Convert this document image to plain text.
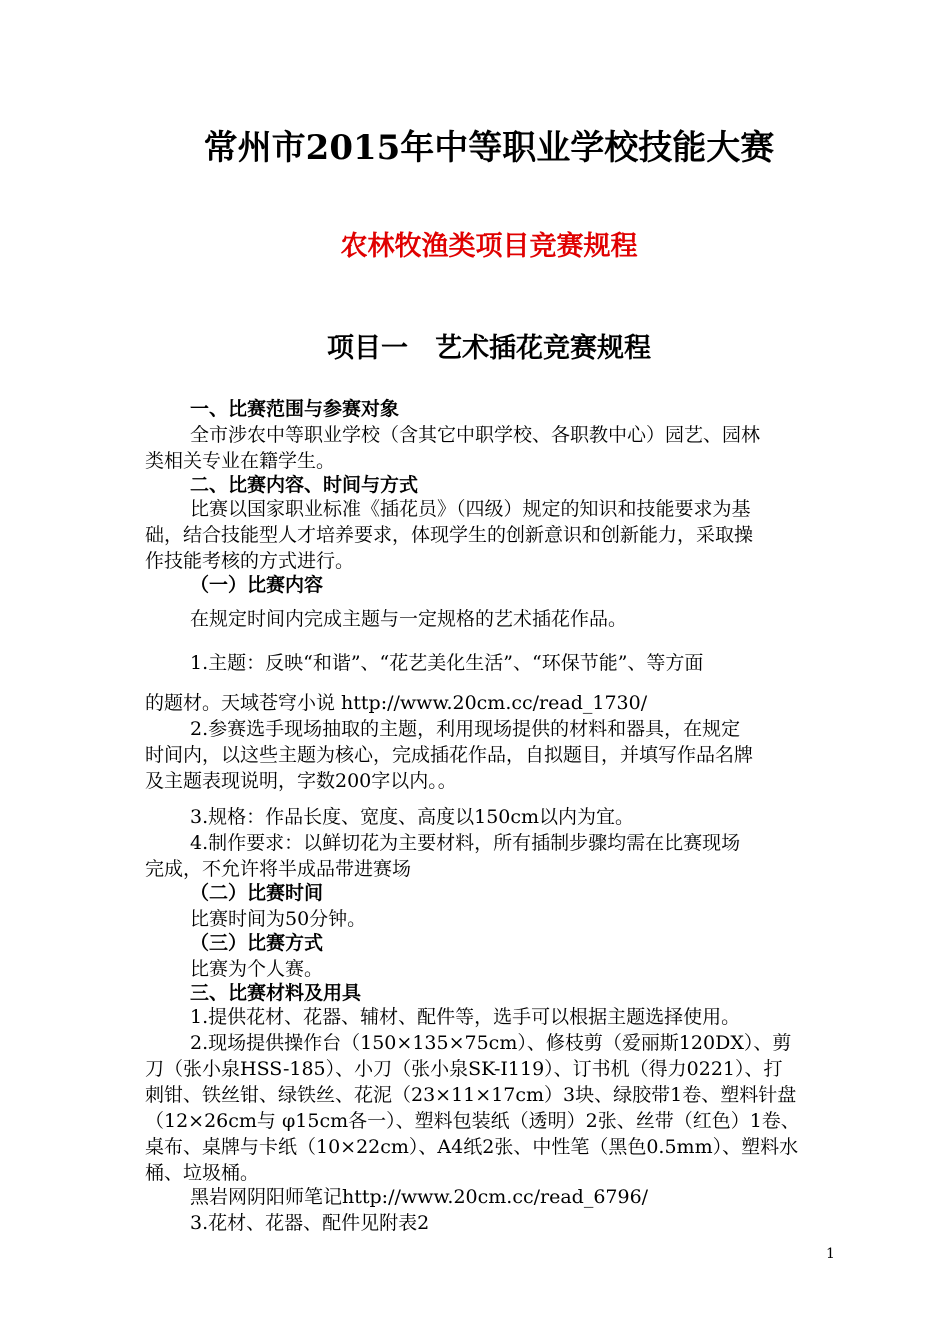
常州市2015年中等职业学校技能大赛
农林牧渔类项目竞赛规程
项目一　艺术插花竞赛规程
一、比赛范围与参赛对象
全市涉农中等职业学校（含其它中职学校、各职教中心）园艺、园林
类相关专业在籍学生。
二、比赛内容、时间与方式
比赛以国家职业标准《插花员》（四级）规定的知识和技能要求为基
础，结合技能型人才培养要求，体现学生的创新意识和创新能力，采取操
作技能考核的方式进行。
（一）比赛内容
在规定时间内完成主题与一定规格的艺术插花作品。
1.主题：反映“和谐”、“花艺美化生活”、“环保节能”、等方面
的题材。天域苍穹小说 http://www.20cm.cc/read_1730/
2.参赛选手现场抽取的主题，利用现场提供的材料和器具，在规定
时间内，以这些主题为核心，完成插花作品，自拟题目，并填写作品名牌
及主题表现说明，字数200字以内。。
3.规格：作品长度、宽度、高度以150cm以内为宜。
4.制作要求：以鲜切花为主要材料，所有插制步骤均需在比赛现场
完成，不允许将半成品带进赛场
（二）比赛时间
比赛时间为50分钟。
（三）比赛方式
比赛为个人赛。
三、比赛材料及用具
1.提供花材、花器、辅材、配件等，选手可以根据主题选择使用。
2.现场提供操作台（150×135×75cm）、修枝剪（爱丽斯120DX）、剪
刀（张小泉HSS-185）、小刀（张小泉SK-Ⅰ119）、订书机（得力0221）、打
刺钳、铁丝钳、绿铁丝、花泥（23×11×17cm）3块、绿胶带1卷、塑料针盘
（12×26cm与 φ15cm各一）、塑料包装纸（透明）2张、丝带（红色）1卷、
桌布、桌牌与卡纸（10×22cm）、A4纸2张、中性笔（黑色0.5mm）、塑料水
桶、垃圾桶。
黑岩网阴阳师笔记http://www.20cm.cc/read_6796/
3.花材、花器、配件见附表2
1
